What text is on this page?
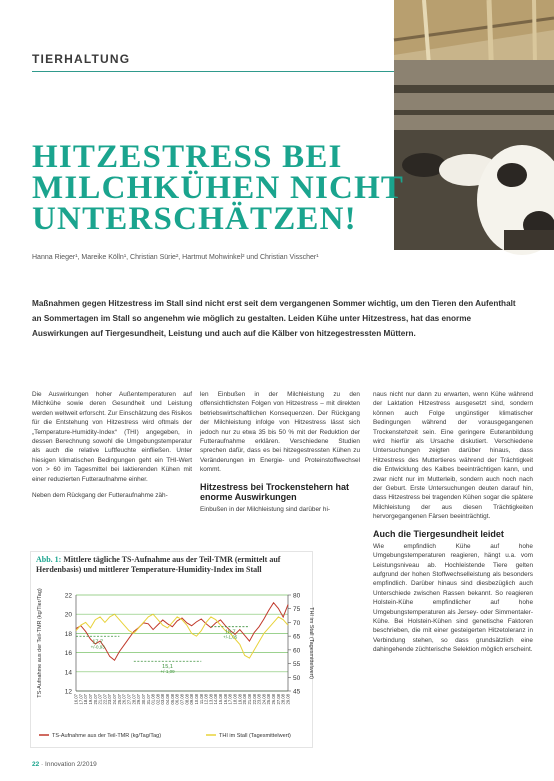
TIERHALTUNG
HITZESTRESS BEI
MILCHKÜHEN NICHT
UNTERSCHÄTZEN!
Hanna Rieger¹, Mareike Kölln¹, Christian Sürie², Hartmut Mohwinkel² und Christian Visscher¹

Maßnahmen gegen Hitzestress im Stall sind nicht erst seit dem vergangenen Sommer wichtig, um den Tieren den Aufenthalt an Sommertagen im Stall so angenehm wie möglich zu gestalten. Leiden Kühe unter Hitzestress, hat das enorme Auswirkungen auf Tiergesundheit, Leistung und auch auf die Kälber von hitzegestressten Müttern.

Die Auswirkungen hoher Außentemperaturen auf Milchkühe sowie deren Gesundheit und Leistung werden weltweit erforscht. Zur Einschätzung des Risikos für die Entstehung von Hitzestress wird oftmals der „Temperature-Humidity-Index“ (THI) angegeben, in dessen Berechnung sowohl die Umgebungstemperatur als auch die relative Luftfeuchte einfließen. Unter hiesigen klimatischen Bedingungen geht ein THI-Wert von > 60 im Tagesmittel bei laktierenden Kühen mit einer reduzierten Futteraufnahme einher.

Neben dem Rückgang der Futteraufnahme zäh-

len Einbußen in der Milchleistung zu den offensichtlichsten Folgen von Hitzestress – mit direkten betriebswirtschaftlichen Konsequenzen. Der Rückgang der Milchleistung infolge von Hitzestress lässt sich jedoch nur zu etwa 35 bis 50 % mit der Reduktion der Futteraufnahme erklären. Verschiedene Studien sprechen dafür, dass es bei hitzegestressten Kühen zu Veränderungen im Energie- und Proteinstoffwechsel kommt.

Hitzestress bei Trockenstehern hat enorme Auswirkungen

Einbußen in der Milchleistung sind darüber hi-

naus nicht nur dann zu erwarten, wenn Kühe während der Laktation Hitzestress ausgesetzt sind, sondern können auch Folge ungünstiger klimatischer Bedingungen während der vorausgegangenen Trockenstehzeit sein. Eine geringere Euteranbildung wird hierfür als Ursache diskutiert. Verschiedene Untersuchungen zeigten darüber hinaus, dass Hitzestress des Muttertieres während der Trächtigkeit die Entwicklung des Kalbes beeinträchtigen kann, und zwar nicht nur im Mutterleib, sondern auch noch nach der Geburt. Erste Untersuchungen deuten darauf hin, dass Hitzestress bei tragenden Kühen sogar die spätere Milchleistung der aus diesen Trächtigkeiten hervorgegangenen Färsen beeinträchtigt.

Auch die Tiergesundheit leidet

Wie empfindlich Kühe auf hohe Umgebungstemperaturen reagieren, hängt u.a. vom Leistungsniveau ab. Hochleistende Tiere gelten aufgrund der hohen Stoffwechselleistung als besonders empfindlich. Darüber hinaus sind diesbezüglich auch Unterschiede zwischen Rassen bekannt. So reagieren Holstein-Kühe empfindlicher auf hohe Umgebungstemperaturen als Jersey- oder Simmentaler-Kühe. Bei Holstein-Kühen sind genetische Faktoren beschrieben, die mit einer gesteigerten Hitzetoleranz in Verbindung stehen, so dass grundsätzlich eine dahingehende züchterische Selektion möglich erscheint.

Abb. 1: Mittlere tägliche TS-Aufnahme aus der Teil-TMR (ermittelt auf Herdenbasis) und mittlerer Temperature-Humidity-Index im Stall
12
14
16
18
20
22
45
50
55
60
65
70
75
80
16.07 17.07 18.07 19.07 20.07 21.07 22.07 23.07 24.07 25.07 26.07 27.07 28.07 29.07 30.07 31.07 01.08 02.08 03.08 04.08 05.08 06.08 07.08 08.08 09.08 10.08 11.08 12.08 13.08 14.08 15.08 16.08 17.08 18.08 19.08 20.08 21.08 22.08 23.08 24.08 25.08 26.08 27.08 28.08 29.08
TS-Aufnahme aus der Teil-TMR (kg/Tier/Tag)	THI im Stall (Tagesmittelwert)
17,7
+/-0,93
15,1
+/-1,09
18,7
+/-1,05
TS-Aufnahme aus der Teil-TMR (kg/Tag/Tag)	THI im Stall (Tagesmittelwert)
22 · Innovation 2/2019
